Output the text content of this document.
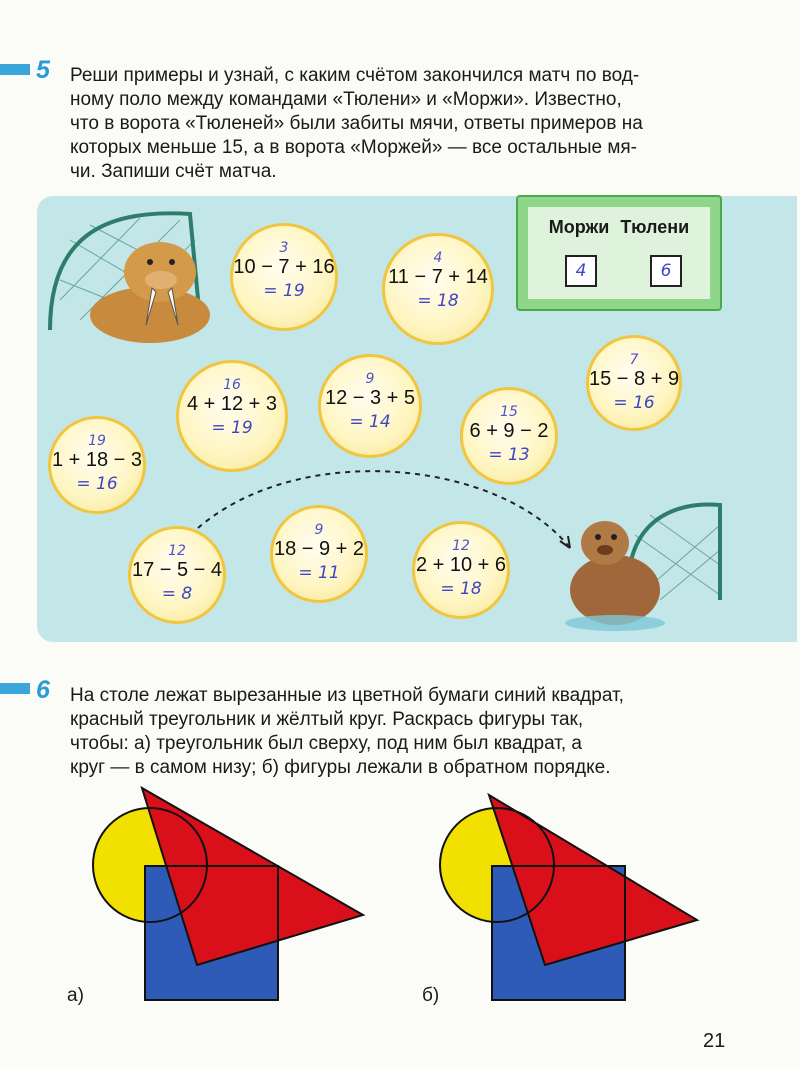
5 Реши примеры и узнай, с каким счётом закончился матч по вод-
ному поло между командами «Тюлени» и «Моржи». Известно,
что в ворота «Тюленей» были забиты мячи, ответы примеров на
которых меньше 15, а в ворота «Моржей» — все остальные мя-
чи. Запиши счёт матча.
3
10 − 7 + 16
= 19
4
11 − 7 + 14
= 18
16
4 + 12 + 3
= 19
9
12 − 3 + 5
= 14	15
6 + 9 − 2
= 13
7
15 − 8 + 9
= 16
19
1 + 18 − 3
= 16
12
17 − 5 − 4
= 8
9
18 − 9 + 2
= 11
12
2 + 10 + 6
= 18
Моржи Тюлени
4	6
6 На столе лежат вырезанные из цветной бумаги синий квадрат,
красный треугольник и жёлтый круг. Раскрась фигуры так,
чтобы: а) треугольник был сверху, под ним был квадрат, а
круг — в самом низу; б) фигуры лежали в обратном порядке.
а)	б)
21
